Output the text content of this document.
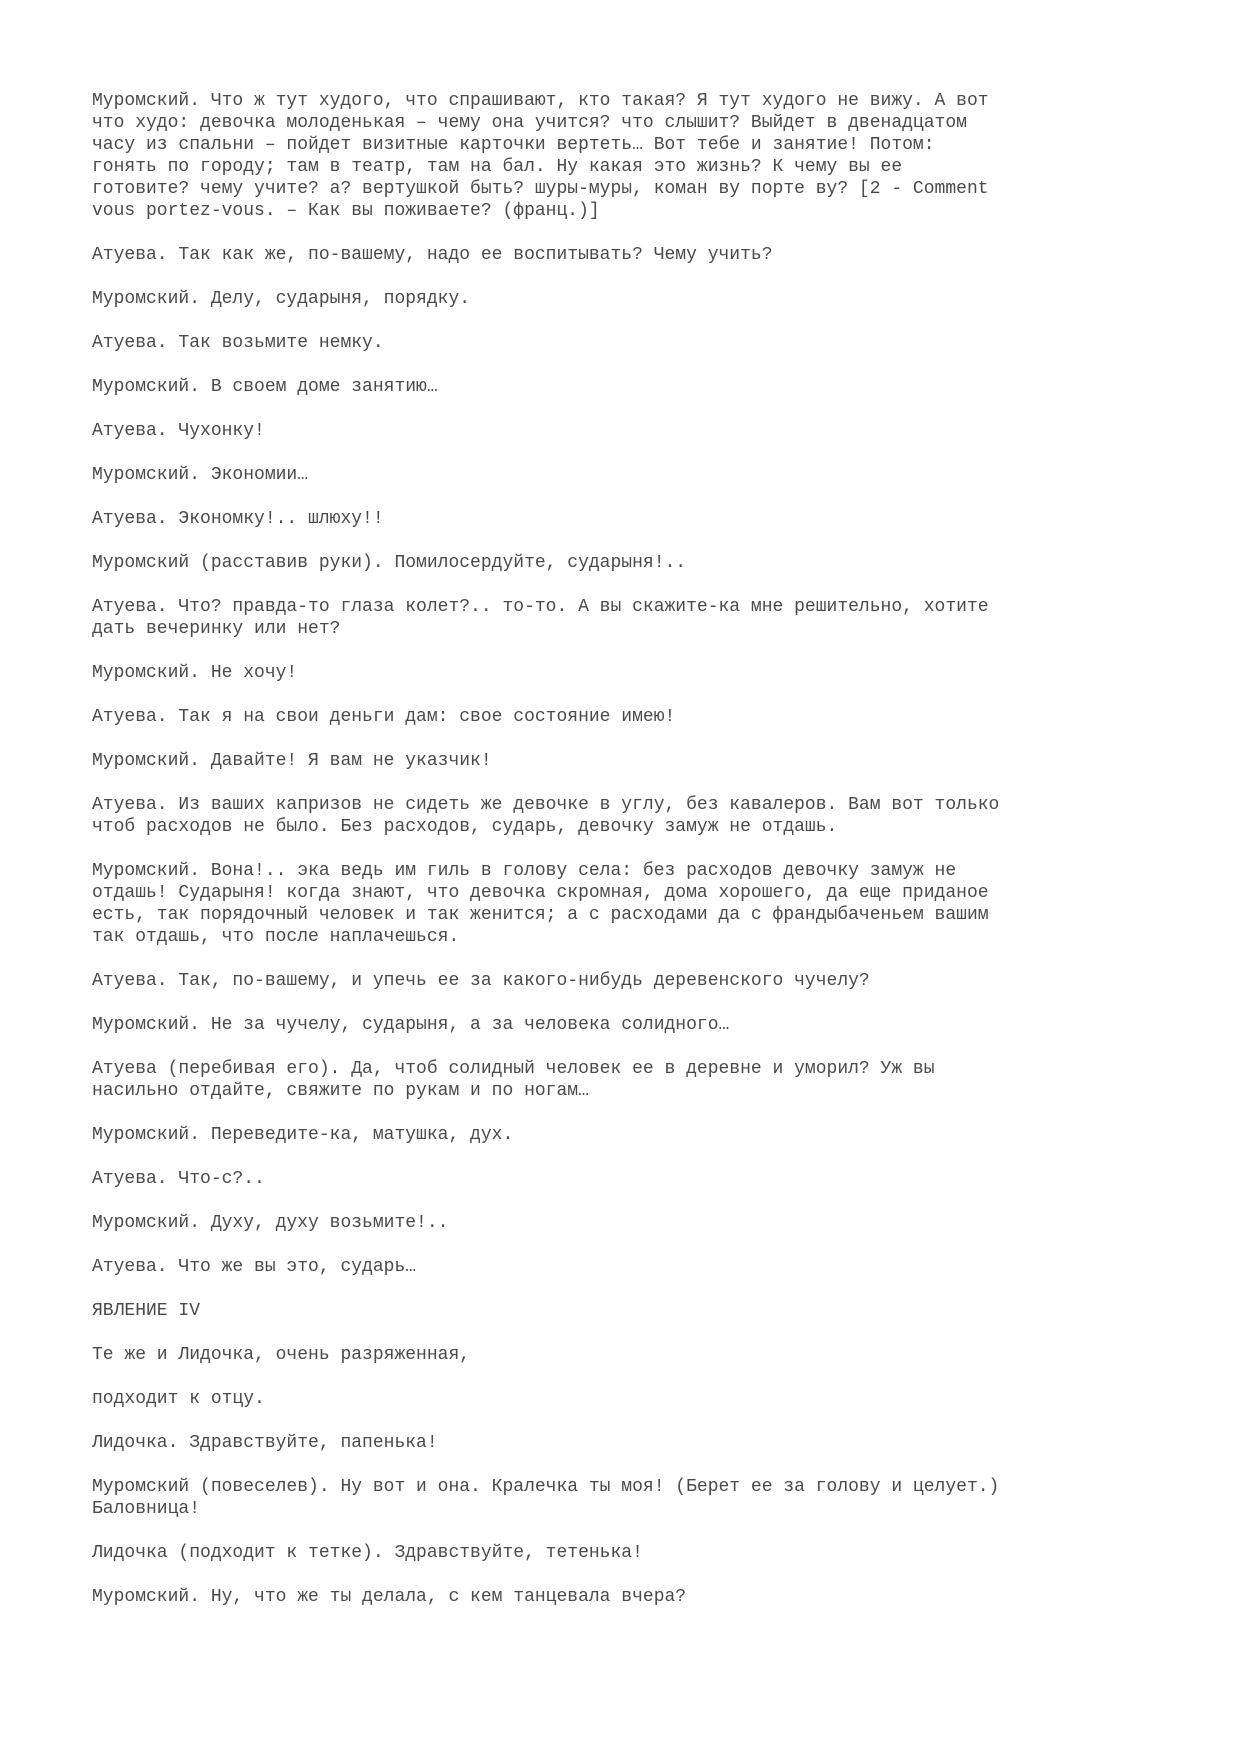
Муромский. Что ж тут худого, что спрашивают, кто такая? Я тут худого не вижу. А вот
что худо: девочка молоденькая – чему она учится? что слышит? Выйдет в двенадцатом
часу из спальни – пойдет визитные карточки вертеть… Вот тебе и занятие! Потом:
гонять по городу; там в театр, там на бал. Ну какая это жизнь? К чему вы ее
готовите? чему учите? а? вертушкой быть? шуры-муры, коман ву порте ву? [2 - Comment
vous portez-vous. – Как вы поживаете? (франц.)]

Атуева. Так как же, по-вашему, надо ее воспитывать? Чему учить?

Муромский. Делу, сударыня, порядку.

Атуева. Так возьмите немку.

Муромский. В своем доме занятию…

Атуева. Чухонку!

Муромский. Экономии…

Атуева. Экономку!.. шлюху!!

Муромский (расставив руки). Помилосердуйте, сударыня!..

Атуева. Что? правда-то глаза колет?.. то-то. А вы скажите-ка мне решительно, хотите
дать вечеринку или нет?

Муромский. Не хочу!

Атуева. Так я на свои деньги дам: свое состояние имею!

Муромский. Давайте! Я вам не указчик!

Атуева. Из ваших капризов не сидеть же девочке в углу, без кавалеров. Вам вот только
чтоб расходов не было. Без расходов, сударь, девочку замуж не отдашь.

Муромский. Вона!.. эка ведь им гиль в голову села: без расходов девочку замуж не
отдашь! Сударыня! когда знают, что девочка скромная, дома хорошего, да еще приданое
есть, так порядочный человек и так женится; а с расходами да с франдыбаченьем вашим
так отдашь, что после наплачешься.

Атуева. Так, по-вашему, и упечь ее за какого-нибудь деревенского чучелу?

Муромский. Не за чучелу, сударыня, а за человека солидного…

Атуева (перебивая его). Да, чтоб солидный человек ее в деревне и уморил? Уж вы
насильно отдайте, свяжите по рукам и по ногам…

Муромский. Переведите-ка, матушка, дух.

Атуева. Что-с?..

Муромский. Духу, духу возьмите!..

Атуева. Что же вы это, сударь…

ЯВЛЕНИЕ IV

Те же и Лидочка, очень разряженная,

подходит к отцу.

Лидочка. Здравствуйте, папенька!

Муромский (повеселев). Ну вот и она. Кралечка ты моя! (Берет ее за голову и целует.)
Баловница!

Лидочка (подходит к тетке). Здравствуйте, тетенька!

Муромский. Ну, что же ты делала, с кем танцевала вчера?
